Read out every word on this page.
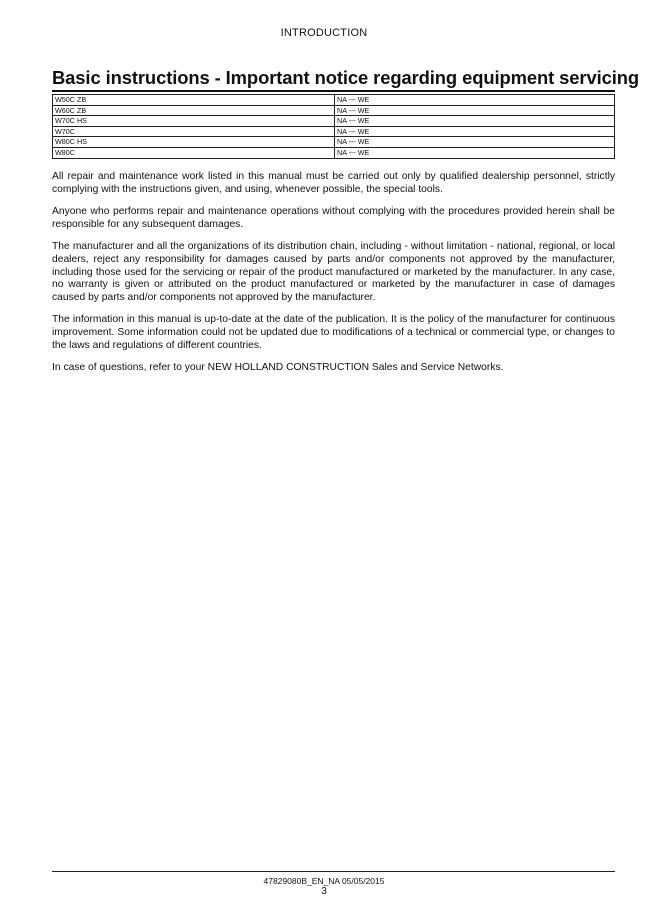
INTRODUCTION
Basic instructions - Important notice regarding equipment servicing
W50C ZB	NA --- WE
W60C ZB	NA --- WE
W70C HS	NA --- WE
W70C	NA --- WE
W80C HS	NA --- WE
W80C	NA --- WE

All repair and maintenance work listed in this manual must be carried out only by qualified dealership personnel, strictly complying with the instructions given, and using, whenever possible, the special tools.

Anyone who performs repair and maintenance operations without complying with the procedures provided herein shall be responsible for any subsequent damages.

The manufacturer and all the organizations of its distribution chain, including - without limitation - national, regional, or local dealers, reject any responsibility for damages caused by parts and/or components not approved by the manufacturer, including those used for the servicing or repair of the product manufactured or marketed by the manufacturer. In any case, no warranty is given or attributed on the product manufactured or marketed by the manufacturer in case of damages caused by parts and/or components not approved by the manufacturer.

The information in this manual is up-to-date at the date of the publication. It is the policy of the manufacturer for continuous improvement. Some information could not be updated due to modifications of a technical or commercial type, or changes to the laws and regulations of different countries.

In case of questions, refer to your NEW HOLLAND CONSTRUCTION Sales and Service Networks.

47829080B_EN_NA 05/05/2015
3
